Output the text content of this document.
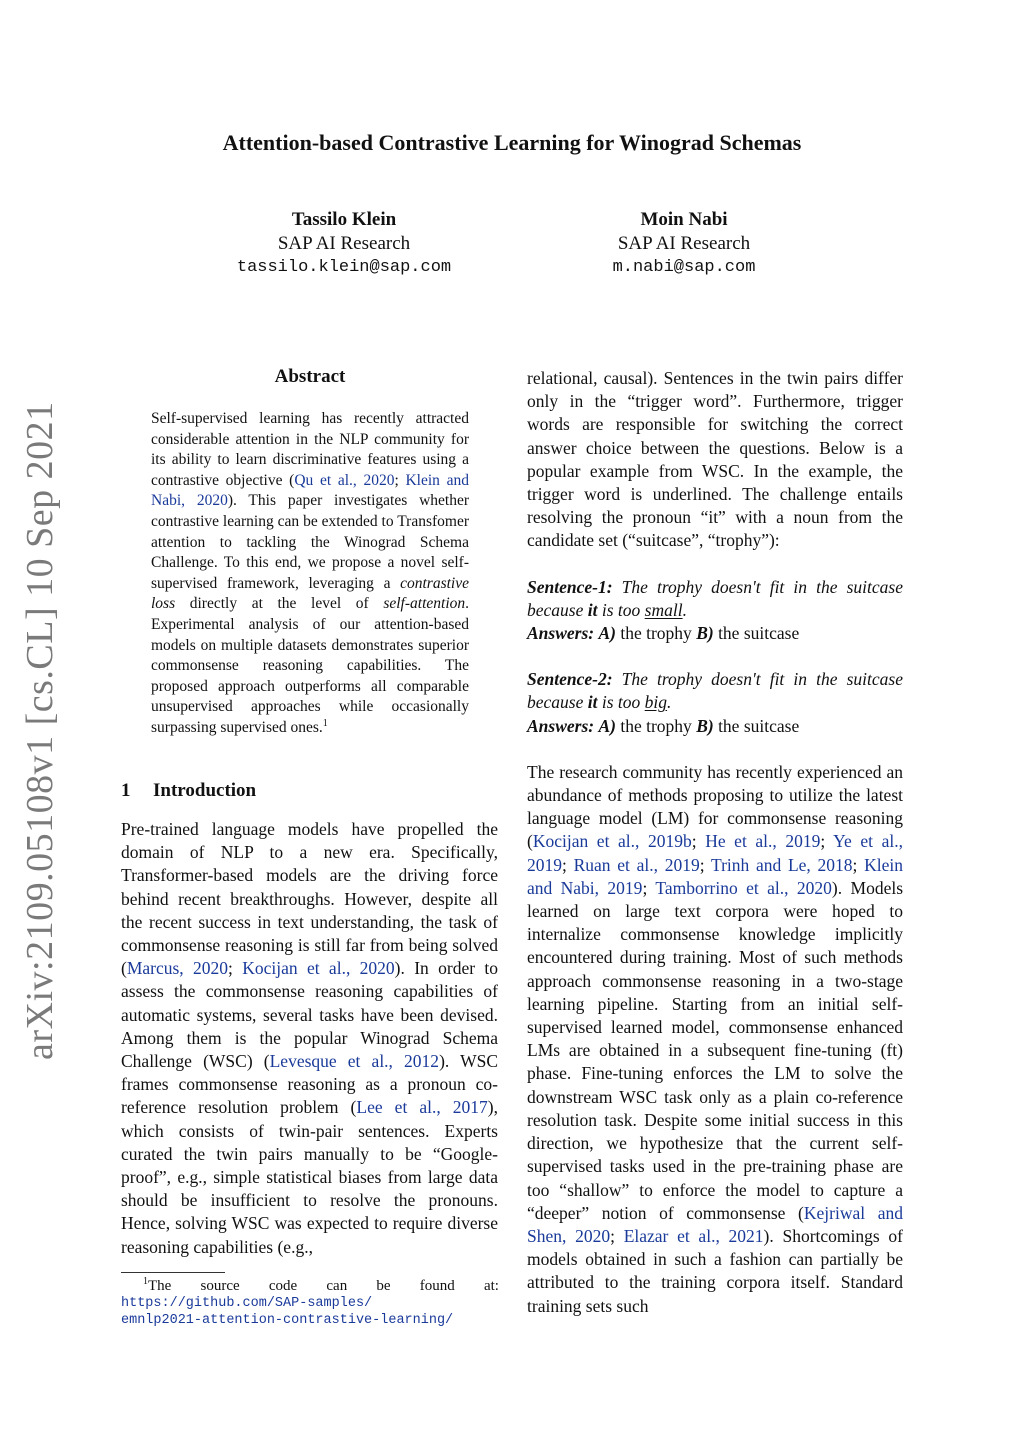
arXiv:2109.05108v1 [cs.CL] 10 Sep 2021
Attention-based Contrastive Learning for Winograd Schemas
Tassilo Klein
SAP AI Research
tassilo.klein@sap.com
Moin Nabi
SAP AI Research
m.nabi@sap.com
Abstract
Self-supervised learning has recently attracted considerable attention in the NLP community for its ability to learn discriminative features using a contrastive objective (Qu et al., 2020; Klein and Nabi, 2020). This paper investigates whether contrastive learning can be extended to Transfomer attention to tackling the Winograd Schema Challenge. To this end, we propose a novel self-supervised framework, leveraging a contrastive loss directly at the level of self-attention. Experimental analysis of our attention-based models on multiple datasets demonstrates superior commonsense reasoning capabilities. The proposed approach outperforms all comparable unsupervised approaches while occasionally surpassing supervised ones.$^1$
1 Introduction
Pre-trained language models have propelled the domain of NLP to a new era. Specifically, Transformer-based models are the driving force behind recent breakthroughs. However, despite all the recent success in text understanding, the task of commonsense reasoning is still far from being solved (Marcus, 2020; Kocijan et al., 2020). In order to assess the commonsense reasoning capabilities of automatic systems, several tasks have been devised. Among them is the popular Winograd Schema Challenge (WSC) (Levesque et al., 2012). WSC frames commonsense reasoning as a pronoun co-reference resolution problem (Lee et al., 2017), which consists of twin-pair sentences. Experts curated the twin pairs manually to be “Google-proof”, e.g., simple statistical biases from large data should be insufficient to resolve the pronouns. Hence, solving WSC was expected to require diverse reasoning capabilities (e.g.,
$^1$The source code can be found at:
https://github.com/SAP-samples/
emnlp2021-attention-contrastive-learning/

relational, causal). Sentences in the twin pairs differ only in the “trigger word”. Furthermore, trigger words are responsible for switching the correct answer choice between the questions. Below is a popular example from WSC. In the example, the trigger word is underlined. The challenge entails resolving the pronoun “it” with a noun from the candidate set (“suitcase”, “trophy”):

Sentence-1: The trophy doesn't fit in the suitcase because it is too small.
Answers: A) the trophy B) the suitcase

Sentence-2: The trophy doesn't fit in the suitcase because it is too big.
Answers: A) the trophy B) the suitcase

The research community has recently experienced an abundance of methods proposing to utilize the latest language model (LM) for commonsense reasoning (Kocijan et al., 2019b; He et al., 2019; Ye et al., 2019; Ruan et al., 2019; Trinh and Le, 2018; Klein and Nabi, 2019; Tamborrino et al., 2020). Models learned on large text corpora were hoped to internalize commonsense knowledge implicitly encountered during training. Most of such methods approach commonsense reasoning in a two-stage learning pipeline. Starting from an initial self-supervised learned model, commonsense enhanced LMs are obtained in a subsequent fine-tuning (ft) phase. Fine-tuning enforces the LM to solve the downstream WSC task only as a plain co-reference resolution task. Despite some initial success in this direction, we hypothesize that the current self-supervised tasks used in the pre-training phase are too “shallow” to enforce the model to capture a “deeper” notion of commonsense (Kejriwal and Shen, 2020; Elazar et al., 2021). Shortcomings of models obtained in such a fashion can partially be attributed to the training corpora itself. Standard training sets such
